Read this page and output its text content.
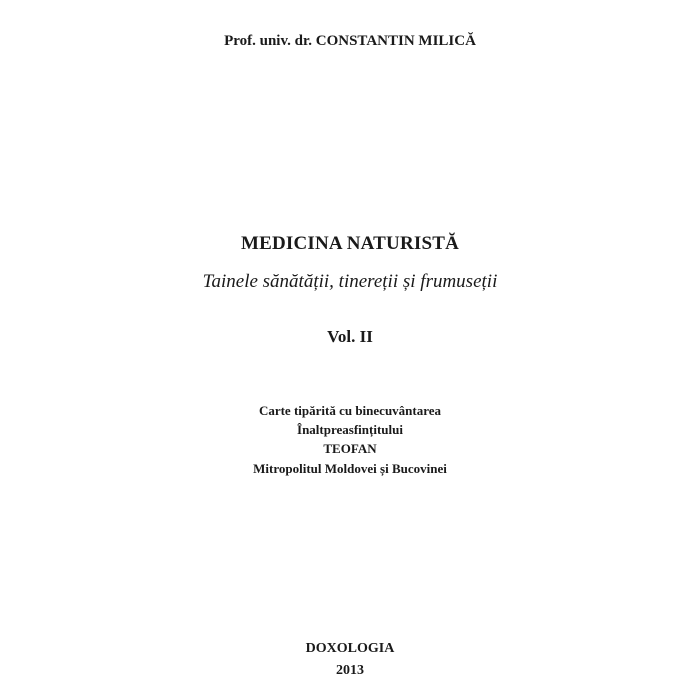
Prof. univ. dr. CONSTANTIN MILICĂ
MEDICINA NATURISTĂ
Tainele sănătății, tinereții și frumuseții
Vol. II
Carte tipărită cu binecuvântarea
Înaltpreasfințitului
TEOFAN
Mitropolitul Moldovei și Bucovinei
DOXOLOGIA
2013
